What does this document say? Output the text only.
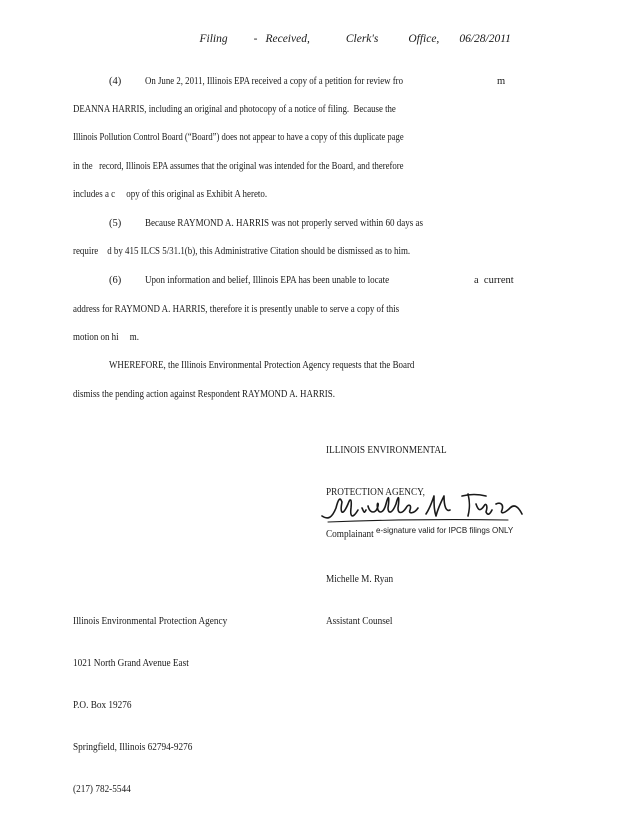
Filing - Received,	Clerk's	Office, 06/28/2011

(4) On June 2, 2011, Illinois EPA received a copy of a petition for review fro	m
DEANNA HARRIS, including an original and photocopy of a notice of filing.  Because the
Illinois Pollution Control Board (“Board”) does not appear to have a copy of this duplicate page
in the   record, Illinois EPA assumes that the original was intended for the Board, and therefore
includes a c     opy of this original as Exhibit A hereto.
(5) Because RAYMOND A. HARRIS was not properly served within 60 days as
require    d by 415 ILCS 5/31.1(b), this Administrative Citation should be dismissed as to him.
(6) Upon information and belief, Illinois EPA has been unable to locate	a  current
address for RAYMOND A. HARRIS, therefore it is presently unable to serve a copy of this
motion on hi     m.
WHEREFORE, the Illinois Environmental Protection Agency requests that the Board
dismiss the pending action against Respondent RAYMOND A. HARRIS.

ILLINOIS ENVIRONMENTAL

PROTECTION AGENCY,

Complainant

e-signature valid for IPCB filings ONLY

Michelle M. Ryan

Assistant Counsel

Illinois Environmental Protection Agency

1021 North Grand Avenue East

P.O. Box 19276

Springfield, Illinois 62794-9276

(217) 782-5544
